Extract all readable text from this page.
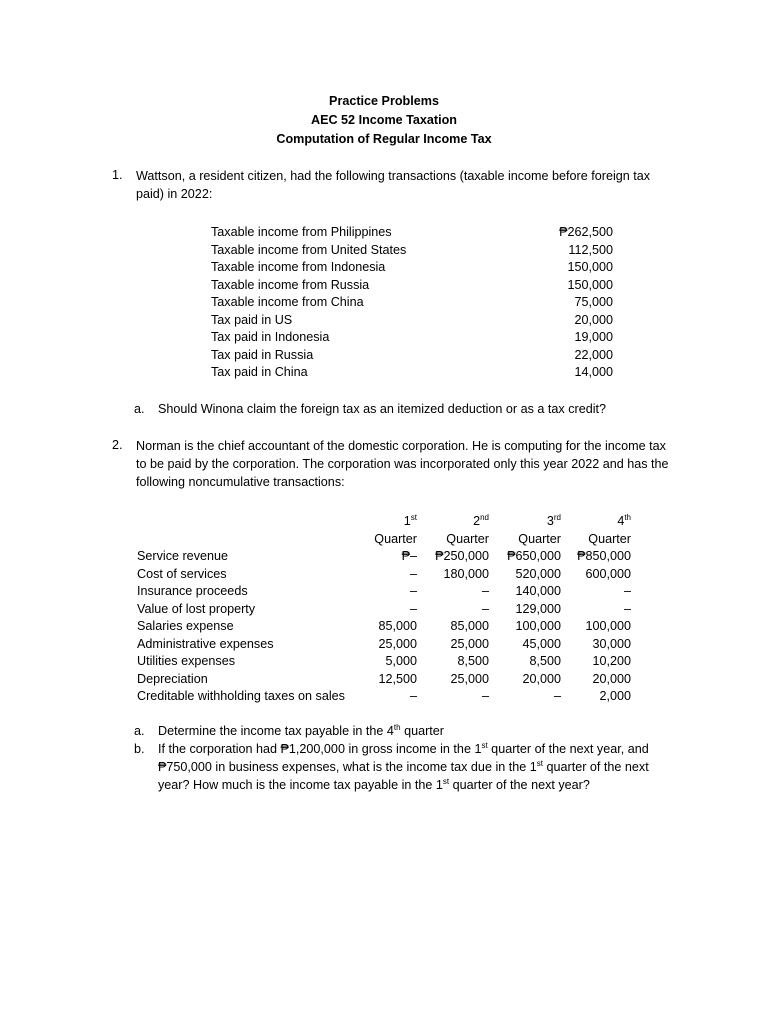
Practice Problems
AEC 52 Income Taxation
Computation of Regular Income Tax
1. Wattson, a resident citizen, had the following transactions (taxable income before foreign tax paid) in 2022:
Taxable income from Philippines	₱262,500
Taxable income from United States	112,500
Taxable income from Indonesia	150,000
Taxable income from Russia	150,000
Taxable income from China	75,000
Tax paid in US	20,000
Tax paid in Indonesia	19,000
Tax paid in Russia	22,000
Tax paid in China	14,000
a. Should Winona claim the foreign tax as an itemized deduction or as a tax credit?
2. Norman is the chief accountant of the domestic corporation. He is computing for the income tax to be paid by the corporation. The corporation was incorporated only this year 2022 and has the following noncumulative transactions:
1st
Quarter
2nd
Quarter
3rd
Quarter
4th
Quarter
Service revenue	₱– ₱250,000 ₱650,000 ₱850,000
Cost of services	– 180,000 520,000 600,000
Insurance proceeds	–	– 140,000	–
Value of lost property	–	– 129,000	–
Salaries expense	85,000	85,000 100,000 100,000
Administrative expenses	25,000	25,000	45,000 30,000
Utilities expenses	5,000	8,500	8,500 10,200
Depreciation	12,500	25,000	20,000 20,000
Creditable withholding taxes on sales	–	–	–	2,000
a. Determine the income tax payable in the 4th quarter
b. If the corporation had ₱1,200,000 in gross income in the 1st quarter of the next year, and ₱750,000 in business expenses, what is the income tax due in the 1st quarter of the next year? How much is the income tax payable in the 1st quarter of the next year?
